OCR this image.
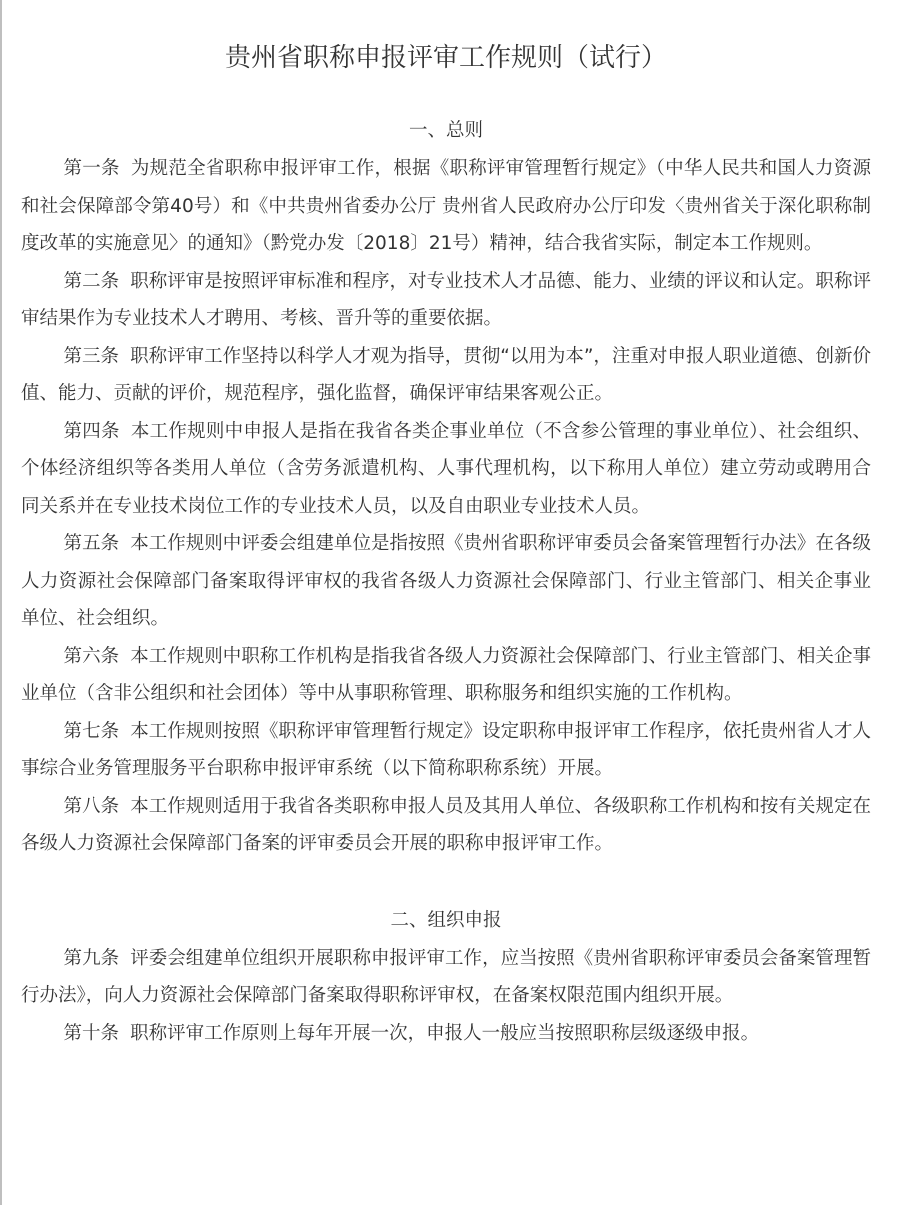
贵州省职称申报评审工作规则（试行）
一、总则

第一条 为规范全省职称申报评审工作，根据《职称评审管理暂行规定》（中华人民共和国人力资源和社会保障部令第40号）和《中共贵州省委办公厅 贵州省人民政府办公厅印发〈贵州省关于深化职称制度改革的实施意见〉的通知》（黔党办发〔2018〕21号）精神，结合我省实际，制定本工作规则。

第二条 职称评审是按照评审标准和程序，对专业技术人才品德、能力、业绩的评议和认定。职称评审结果作为专业技术人才聘用、考核、晋升等的重要依据。

第三条 职称评审工作坚持以科学人才观为指导，贯彻“以用为本”，注重对申报人职业道德、创新价值、能力、贡献的评价，规范程序，强化监督，确保评审结果客观公正。

第四条 本工作规则中申报人是指在我省各类企事业单位（不含参公管理的事业单位）、社会组织、个体经济组织等各类用人单位（含劳务派遣机构、人事代理机构，以下称用人单位）建立劳动或聘用合同关系并在专业技术岗位工作的专业技术人员，以及自由职业专业技术人员。

第五条 本工作规则中评委会组建单位是指按照《贵州省职称评审委员会备案管理暂行办法》在各级人力资源社会保障部门备案取得评审权的我省各级人力资源社会保障部门、行业主管部门、相关企事业单位、社会组织。

第六条 本工作规则中职称工作机构是指我省各级人力资源社会保障部门、行业主管部门、相关企事业单位（含非公组织和社会团体）等中从事职称管理、职称服务和组织实施的工作机构。

第七条 本工作规则按照《职称评审管理暂行规定》设定职称申报评审工作程序，依托贵州省人才人事综合业务管理服务平台职称申报评审系统（以下简称职称系统）开展。

第八条 本工作规则适用于我省各类职称申报人员及其用人单位、各级职称工作机构和按有关规定在各级人力资源社会保障部门备案的评审委员会开展的职称申报评审工作。

二、组织申报

第九条 评委会组建单位组织开展职称申报评审工作，应当按照《贵州省职称评审委员会备案管理暂行办法》，向人力资源社会保障部门备案取得职称评审权，在备案权限范围内组织开展。

第十条 职称评审工作原则上每年开展一次，申报人一般应当按照职称层级逐级申报。
